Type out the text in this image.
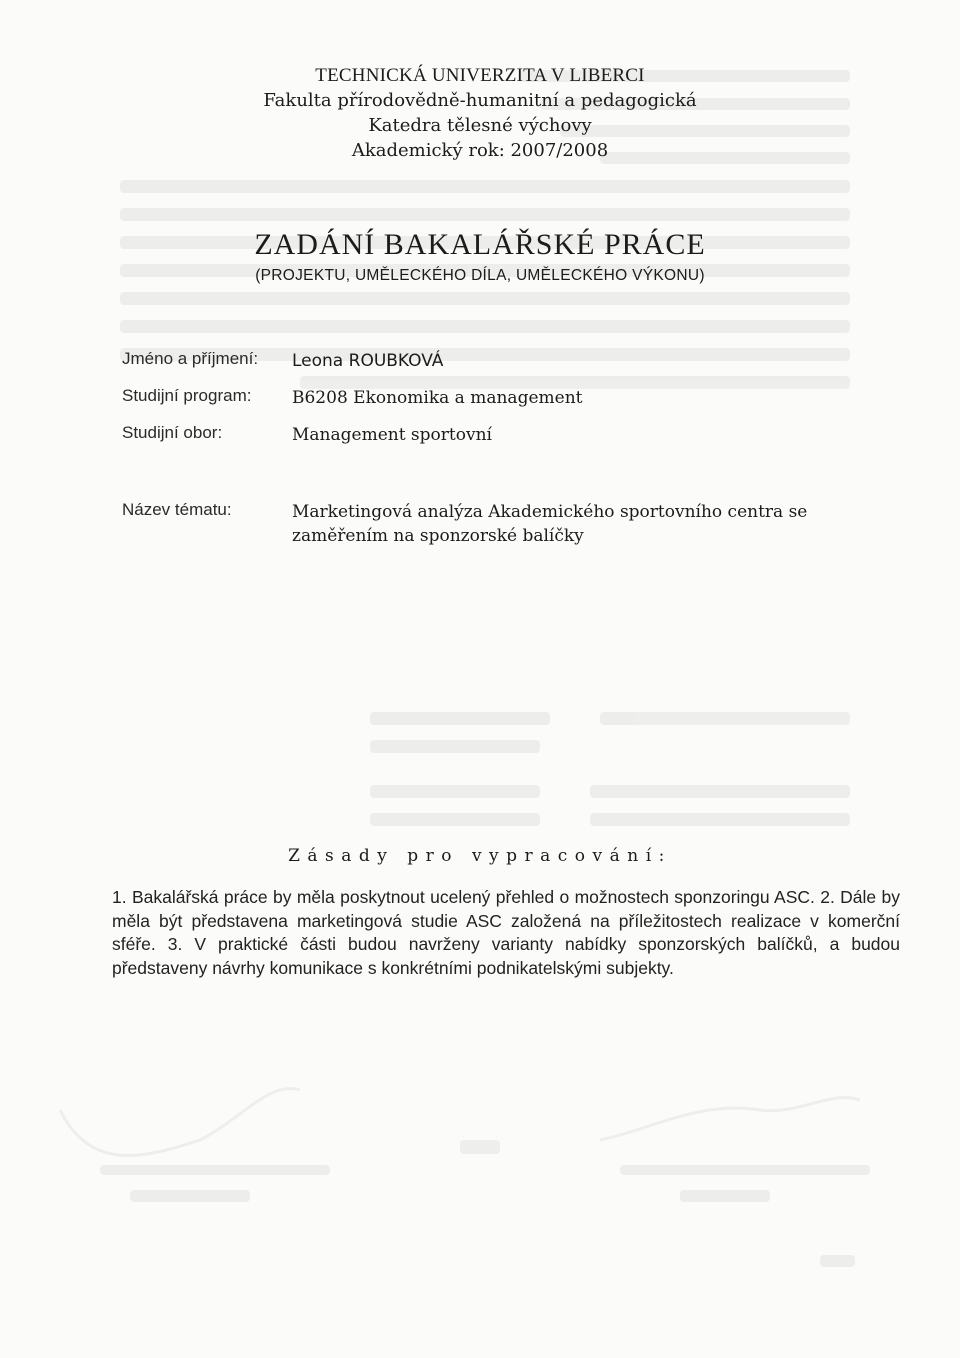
TECHNICKÁ UNIVERZITA V LIBERCI
Fakulta přírodovědně-humanitní a pedagogická
Katedra tělesné výchovy
Akademický rok: 2007/2008
ZADÁNÍ BAKALÁŘSKÉ PRÁCE
(PROJEKTU, UMĚLECKÉHO DÍLA, UMĚLECKÉHO VÝKONU)
Jméno a příjmení:	Leona ROUBKOVÁ
Studijní program:	B6208 Ekonomika a management
Studijní obor:	Management sportovní
Název tématu:	Marketingová analýza Akademického sportovního centra se zaměřením na sponzorské balíčky
Zásady pro vypracování:
1. Bakalářská práce by měla poskytnout ucelený přehled o možnostech sponzoringu ASC. 2. Dále by měla být představena marketingová studie ASC založená na příležitostech realizace v komerční sféře. 3. V praktické části budou navrženy varianty nabídky sponzorských balíčků, a budou představeny návrhy komunikace s konkrétními podnikatelskými subjekty.
